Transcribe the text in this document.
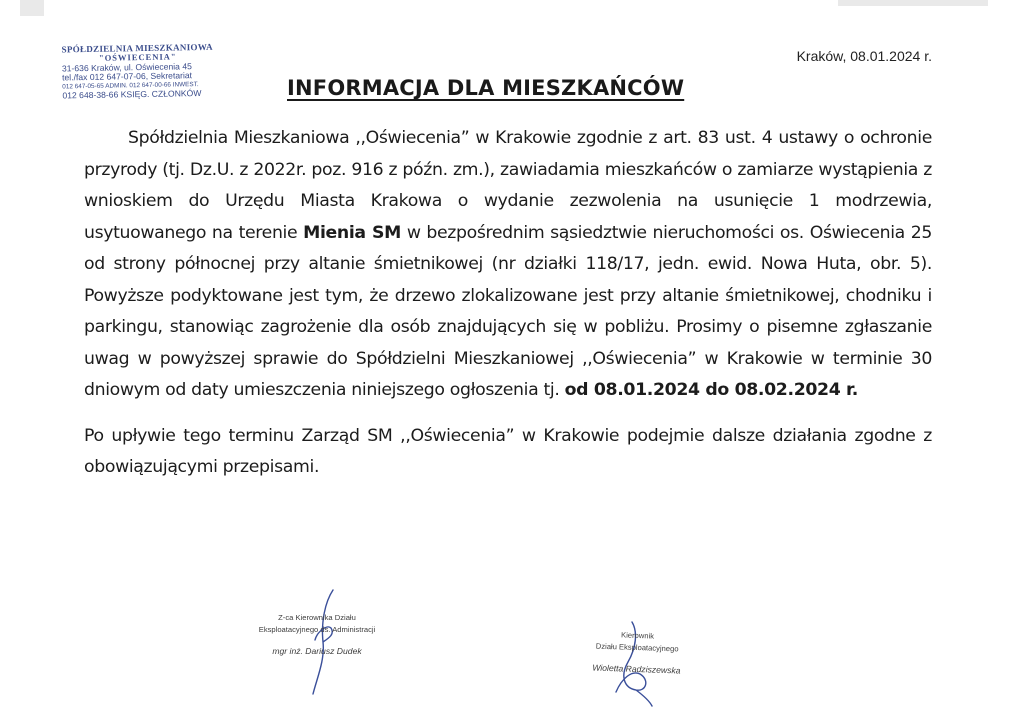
SPÓŁDZIELNIA MIESZKANIOWA
"OŚWIECENIA"
31-636 Kraków, ul. Oświecenia 45
tel./fax 012 647-07-06, Sekretariat
012 647-05-65 ADMIN. 012 647-00-66 INWEST.
012 648-38-66 KSIĘG. CZŁONKÓW
Kraków, 08.01.2024 r.
INFORMACJA DLA MIESZKAŃCÓW

Spółdzielnia Mieszkaniowa ,,Oświecenia” w Krakowie zgodnie z art. 83 ust. 4 ustawy o ochronie przyrody (tj. Dz.U. z 2022r. poz. 916 z późn. zm.), zawiadamia mieszkańców o zamiarze wystąpienia z wnioskiem do Urzędu Miasta Krakowa o wydanie zezwolenia na usunięcie 1 modrzewia, usytuowanego na terenie Mienia SM w bezpośrednim sąsiedztwie nieruchomości os. Oświecenia 25 od strony północnej przy altanie śmietnikowej (nr działki 118/17, jedn. ewid. Nowa Huta, obr. 5). Powyższe podyktowane jest tym, że drzewo zlokalizowane jest przy altanie śmietnikowej, chodniku i parkingu, stanowiąc zagrożenie dla osób znajdujących się w pobliżu. Prosimy o pisemne zgłaszanie uwag w powyższej sprawie do Spółdzielni Mieszkaniowej ,,Oświecenia” w Krakowie w terminie 30 dniowym od daty umieszczenia niniejszego ogłoszenia tj. od 08.01.2024 do 08.02.2024 r.

Po upływie tego terminu Zarząd SM ,,Oświecenia” w Krakowie podejmie dalsze działania zgodne z obowiązującymi przepisami.

Z-ca Kierownika Działu
Eksploatacyjnego ds. Administracji
mgr inż. Dariusz Dudek
Kierownik
Działu Eksploatacyjnego
Wioletta Radziszewska
